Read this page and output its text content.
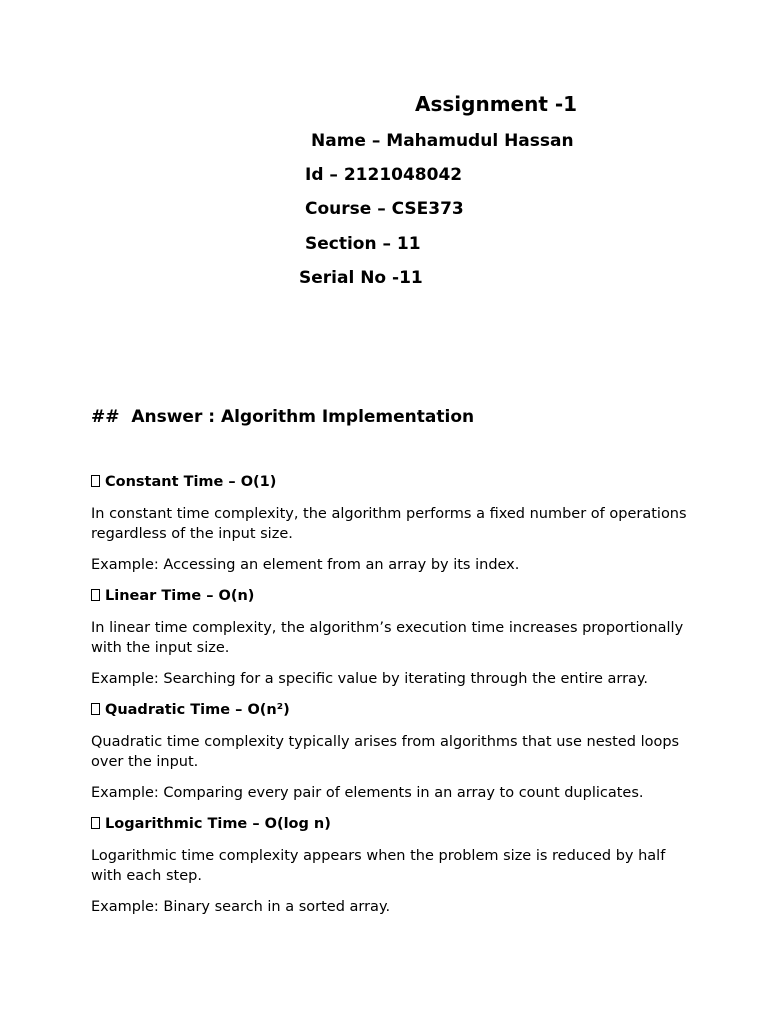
Assignment -1

Name – Mahamudul Hassan

Id – 2121048042

Course – CSE373

Section – 11

Serial No -11

##  Answer : Algorithm Implementation

Constant Time – O(1)

In constant time complexity, the algorithm performs a fixed number of operations regardless of the input size.

Example: Accessing an element from an array by its index.

Linear Time – O(n)

In linear time complexity, the algorithm’s execution time increases proportionally with the input size.

Example: Searching for a specific value by iterating through the entire array.

Quadratic Time – O(n²)

Quadratic time complexity typically arises from algorithms that use nested loops over the input.

Example: Comparing every pair of elements in an array to count duplicates.

Logarithmic Time – O(log n)

Logarithmic time complexity appears when the problem size is reduced by half with each step.

Example: Binary search in a sorted array.
